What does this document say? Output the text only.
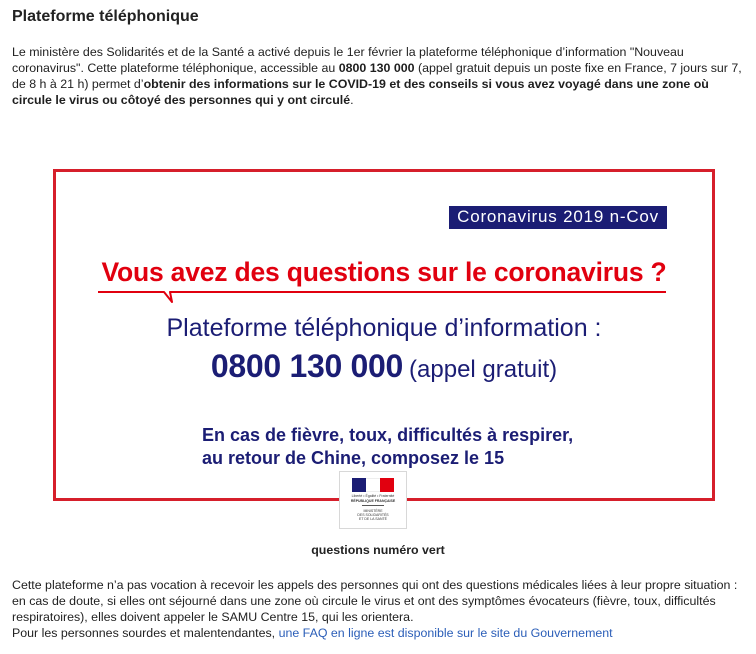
Plateforme téléphonique

Le ministère des Solidarités et de la Santé a activé depuis le 1er février la plateforme téléphonique d’information "Nouveau coronavirus". Cette plateforme téléphonique, accessible au 0800 130 000 (appel gratuit depuis un poste fixe en France, 7 jours sur 7, de 8 h à 21 h) permet d’obtenir des informations sur le COVID-19 et des conseils si vous avez voyagé dans une zone où circule le virus ou côtoyé des personnes qui y ont circulé.

Coronavirus 2019 n-Cov
Vous avez des questions sur le coronavirus ?
Plateforme téléphonique d’information :
0800 130 000 (appel gratuit)
En cas de fièvre, toux, difficultés à respirer,
au retour de Chine, composez le 15
Liberté • Égalité • Fraternité
RÉPUBLIQUE FRANÇAISE
MINISTÈRE
DES SOLIDARITÉS
ET DE LA SANTÉ
questions numéro vert

Cette plateforme n’a pas vocation à recevoir les appels des personnes qui ont des questions médicales liées à leur propre situation : en cas de doute, si elles ont séjourné dans une zone où circule le virus et ont des symptômes évocateurs (fièvre, toux, difficultés respiratoires), elles doivent appeler le SAMU Centre 15, qui les orientera.
Pour les personnes sourdes et malentendantes, une FAQ en ligne est disponible sur le site du Gouvernement
